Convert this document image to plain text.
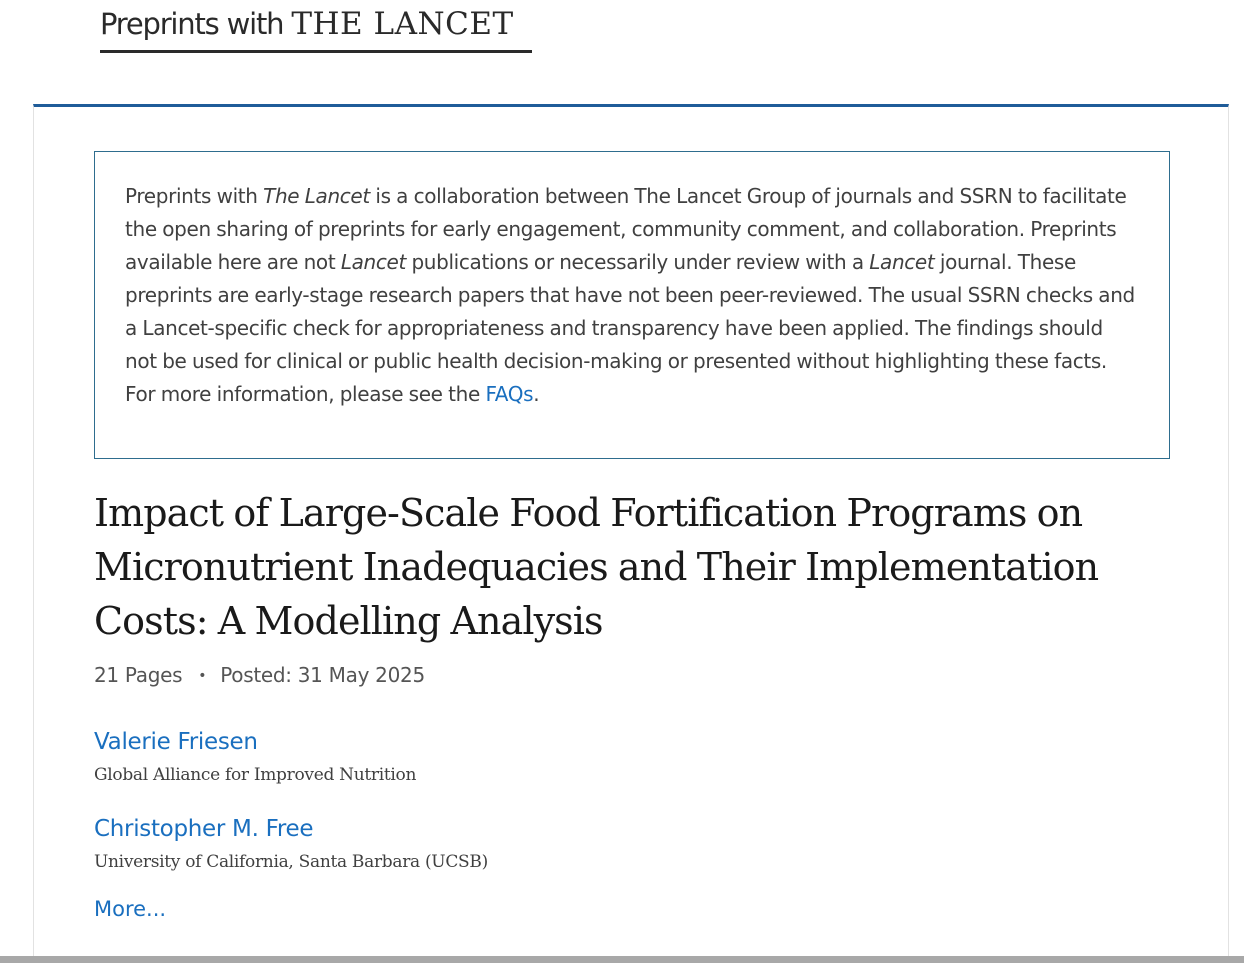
Preprints with THE LANCET
Preprints with The Lancet is a collaboration between The Lancet Group of journals and SSRN to facilitate the open sharing of preprints for early engagement, community comment, and collaboration. Preprints available here are not Lancet publications or necessarily under review with a Lancet journal. These preprints are early-stage research papers that have not been peer-reviewed. The usual SSRN checks and a Lancet-specific check for appropriateness and transparency have been applied. The findings should not be used for clinical or public health decision-making or presented without highlighting these facts. For more information, please see the FAQs.
Impact of Large-Scale Food Fortification Programs on Micronutrient Inadequacies and Their Implementation Costs: A Modelling Analysis
21 Pages • Posted: 31 May 2025
Valerie Friesen
Global Alliance for Improved Nutrition
Christopher M. Free
University of California, Santa Barbara (UCSB)
More...
